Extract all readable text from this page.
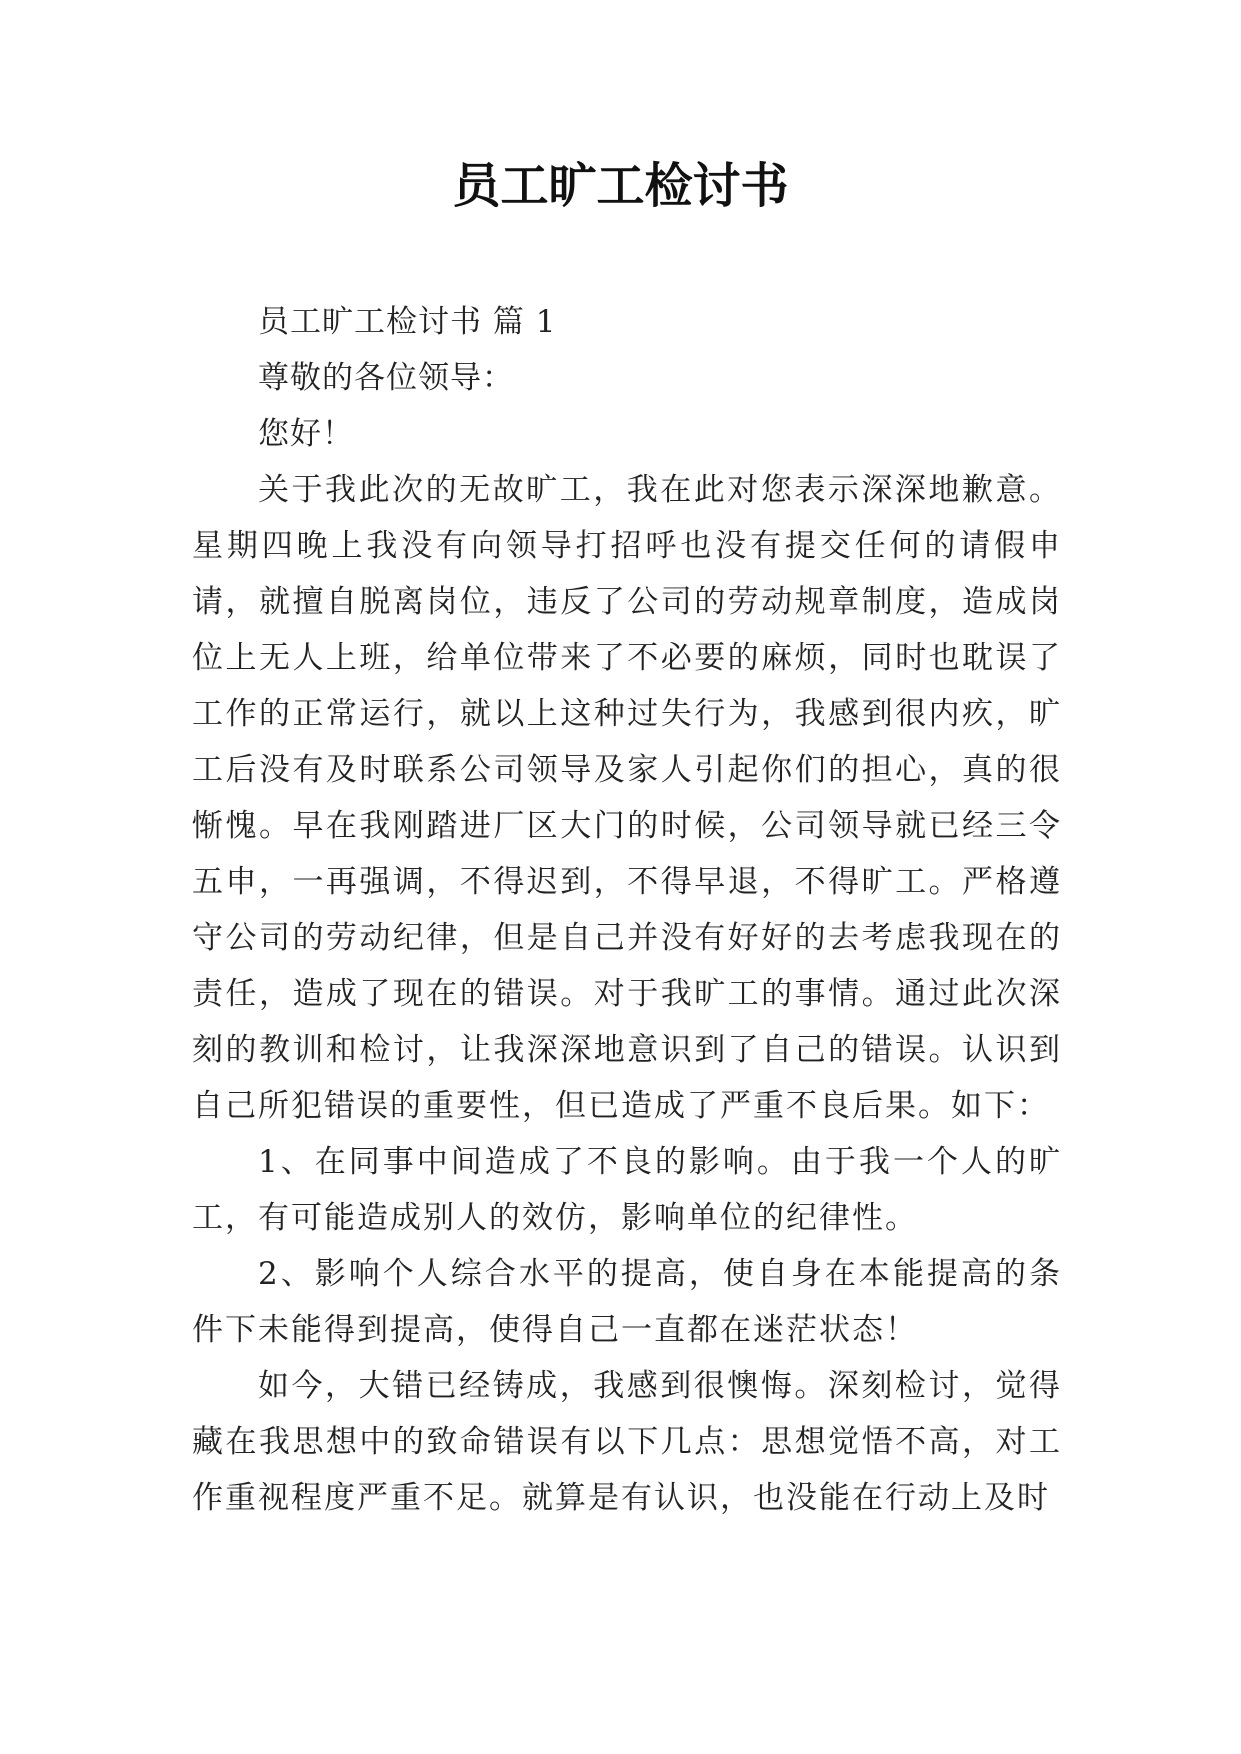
员工旷工检讨书

员工旷工检讨书 篇 1

尊敬的各位领导：

您好！

关于我此次的无故旷工，我在此对您表示深深地歉意。星期四晚上我没有向领导打招呼也没有提交任何的请假申请，就擅自脱离岗位，违反了公司的劳动规章制度，造成岗位上无人上班，给单位带来了不必要的麻烦，同时也耽误了工作的正常运行，就以上这种过失行为，我感到很内疚，旷工后没有及时联系公司领导及家人引起你们的担心，真的很惭愧。早在我刚踏进厂区大门的时候，公司领导就已经三令五申，一再强调，不得迟到，不得早退，不得旷工。严格遵守公司的劳动纪律，但是自己并没有好好的去考虑我现在的责任，造成了现在的错误。对于我旷工的事情。通过此次深刻的教训和检讨，让我深深地意识到了自己的错误。认识到自己所犯错误的重要性，但已造成了严重不良后果。如下：

1、在同事中间造成了不良的影响。由于我一个人的旷工，有可能造成别人的效仿，影响单位的纪律性。

2、影响个人综合水平的提高，使自身在本能提高的条件下未能得到提高，使得自己一直都在迷茫状态！

如今，大错已经铸成，我感到很懊悔。深刻检讨，觉得藏在我思想中的致命错误有以下几点：思想觉悟不高，对工作重视程度严重不足。就算是有认识，也没能在行动上及时
